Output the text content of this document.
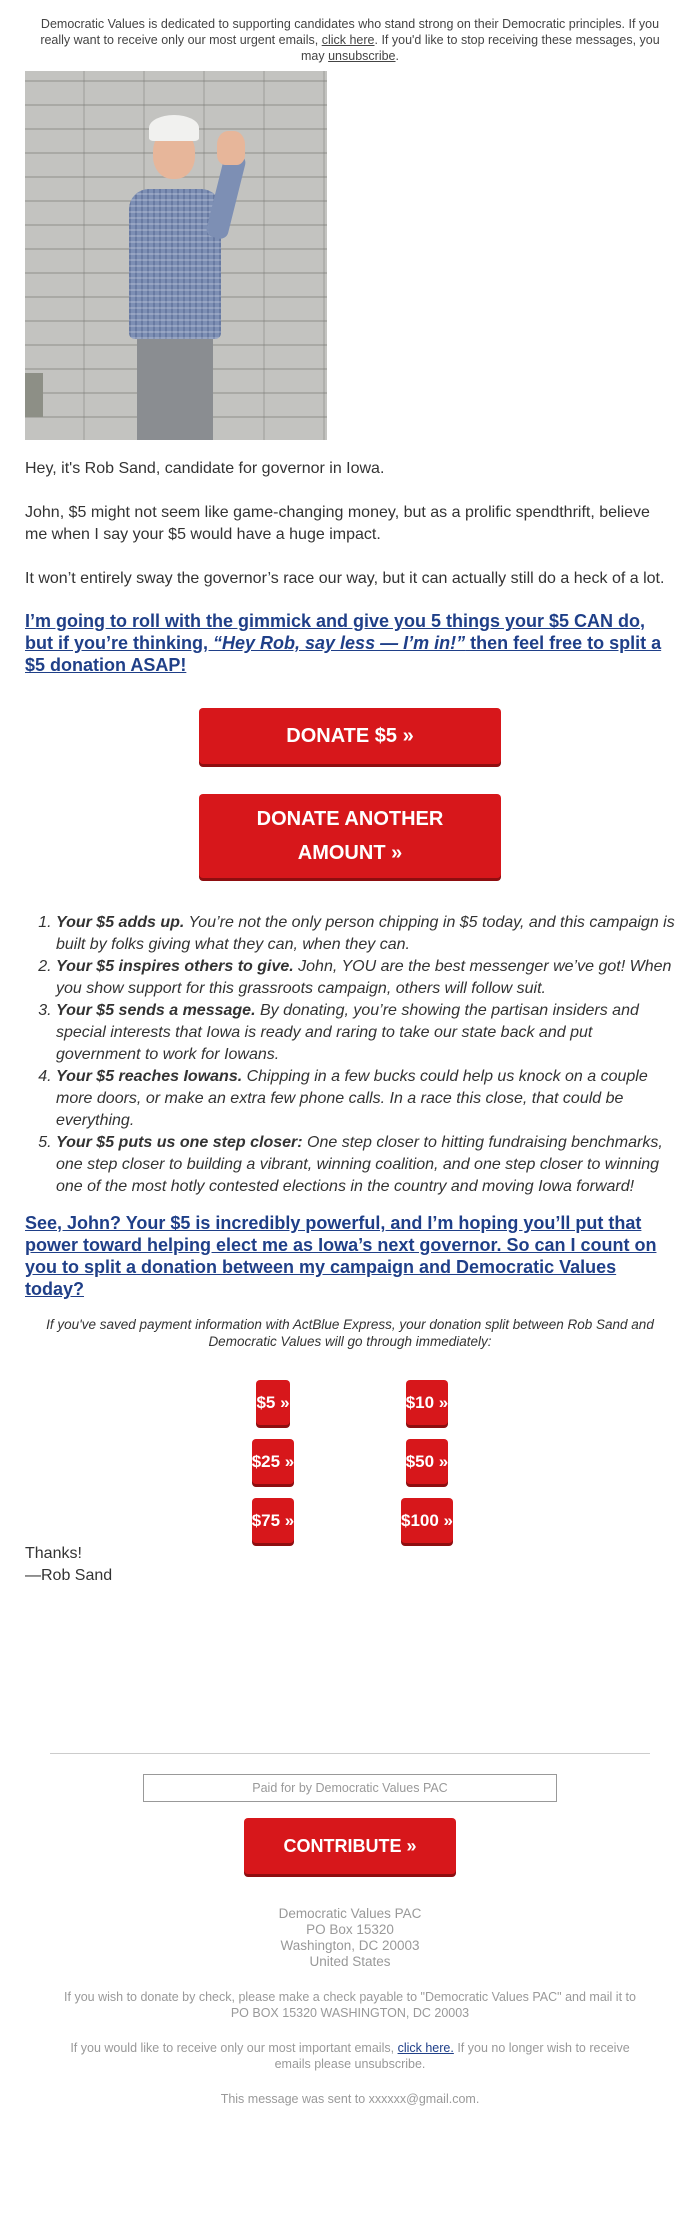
Democratic Values is dedicated to supporting candidates who stand strong on their Democratic principles. If you really want to receive only our most urgent emails, click here. If you'd like to stop receiving these messages, you may unsubscribe.

Hey, it's Rob Sand, candidate for governor in Iowa.

John, $5 might not seem like game-changing money, but as a prolific spendthrift, believe me when I say your $5 would have a huge impact.

It won’t entirely sway the governor’s race our way, but it can actually still do a heck of a lot.

I’m going to roll with the gimmick and give you 5 things your $5 CAN do, but if you’re thinking, “Hey Rob, say less — I’m in!” then feel free to split a $5 donation ASAP!
DONATE $5 »
DONATE ANOTHER
AMOUNT »
1. Your $5 adds up. You’re not the only person chipping in $5 today, and this campaign is built by folks giving what they can, when they can.
2. Your $5 inspires others to give. John, YOU are the best messenger we’ve got! When you show support for this grassroots campaign, others will follow suit.
3. Your $5 sends a message. By donating, you’re showing the partisan insiders and special interests that Iowa is ready and raring to take our state back and put government to work for Iowans.
4. Your $5 reaches Iowans. Chipping in a few bucks could help us knock on a couple more doors, or make an extra few phone calls. In a race this close, that could be everything.
5. Your $5 puts us one step closer: One step closer to hitting fundraising benchmarks, one step closer to building a vibrant, winning coalition, and one step closer to winning one of the most hotly contested elections in the country and moving Iowa forward!
See, John? Your $5 is incredibly powerful, and I’m hoping you’ll put that power toward helping elect me as Iowa’s next governor. So can I count on you to split a donation between my campaign and Democratic Values today?
If you've saved payment information with ActBlue Express, your donation split between Rob Sand and Democratic Values will go through immediately:
$5 »	$10 »
$25 »	$50 »
$75 »	$100 »

Thanks!

—Rob Sand

Paid for by Democratic Values PAC
CONTRIBUTE »
Democratic Values PAC
PO Box 15320
Washington, DC 20003
United States
If you wish to donate by check, please make a check payable to "Democratic Values PAC" and mail it to PO BOX 15320 WASHINGTON, DC 20003
If you would like to receive only our most important emails, click here. If you no longer wish to receive emails please unsubscribe.
This message was sent to xxxxxx@gmail.com.
